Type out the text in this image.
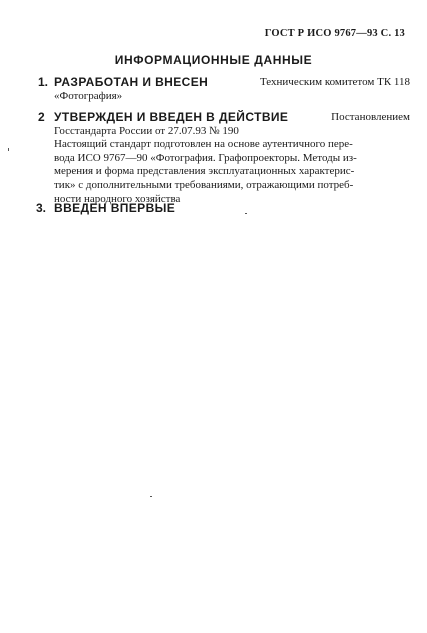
ГОСТ Р ИСО 9767—93 С. 13
ИНФОРМАЦИОННЫЕ ДАННЫЕ
1. РАЗРАБОТАН И ВНЕСЕН	Техническим комитетом ТК 118
«Фотография»
2 УТВЕРЖДЕН И ВВЕДЕН В ДЕЙСТВИЕ	Постановлением
Госстандарта России от 27.07.93 № 190
Настоящий стандарт подготовлен на основе аутентичного пере-
вода ИСО 9767—90 «Фотография. Графопроекторы. Методы из-
мерения и форма представления эксплуатационных характерис-
тик» с дополнительными требованиями, отражающими потреб-
ности народного хозяйства
3. ВВЕДЕН ВПЕРВЫЕ
